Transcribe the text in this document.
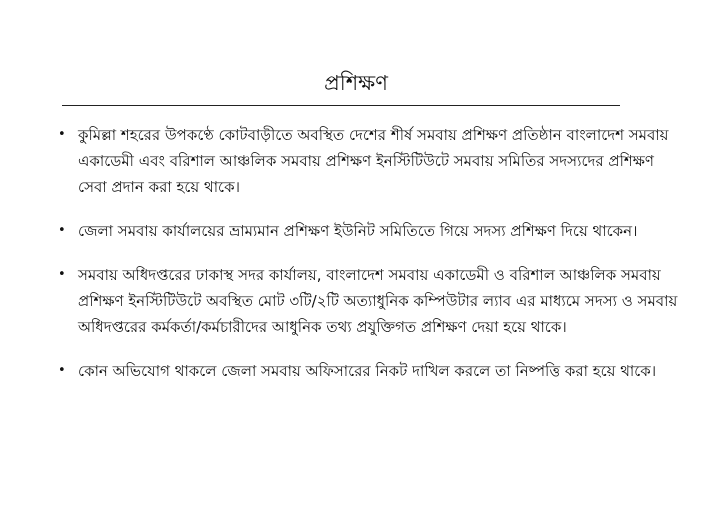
প্রশিক্ষণ
• কুমিল্লা শহরের উপকণ্ঠে কোটবাড়ীতে অবস্থিত দেশের শীর্ষ সমবায় প্রশিক্ষণ প্রতিষ্ঠান বাংলাদেশ সমবায় একাডেমী এবং বরিশাল আঞ্চলিক সমবায় প্রশিক্ষণ ইনস্টিটিউটে সমবায় সমিতির সদস্যদের প্রশিক্ষণ সেবা প্রদান করা হয়ে থাকে।
• জেলা সমবায় কার্যালয়ের ভ্রাম্যমান প্রশিক্ষণ ইউনিট সমিতিতে গিয়ে সদস্য প্রশিক্ষণ দিয়ে থাকেন।
• সমবায় অধিদপ্তরের ঢাকাস্থ সদর কার্যালয়, বাংলাদেশ সমবায় একাডেমী ও বরিশাল আঞ্চলিক সমবায় প্রশিক্ষণ ইনস্টিটিউটে অবস্থিত মোট ৩টি/২টি অত্যাধুনিক কম্পিউটার ল্যাব এর মাধ্যমে সদস্য ও সমবায় অধিদপ্তরের কর্মকর্তা/কর্মচারীদের আধুনিক তথ্য প্রযুক্তিগত প্রশিক্ষণ দেয়া হয়ে থাকে।
• কোন অভিযোগ থাকলে জেলা সমবায় অফিসারের নিকট দাখিল করলে তা নিষ্পত্তি করা হয়ে থাকে।
